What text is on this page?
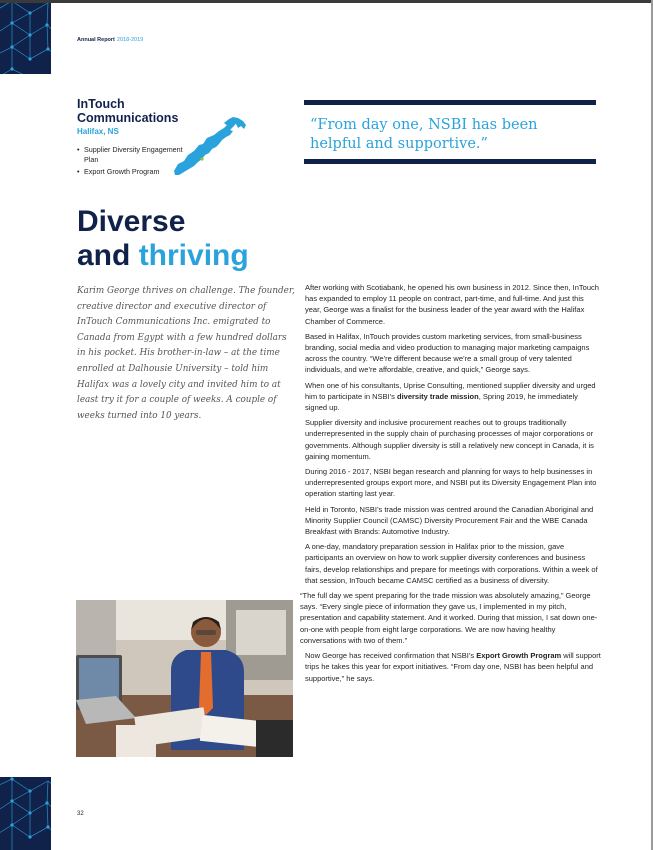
Annual Report 2018-2019
InTouch Communications
Halifax, NS
• Supplier Diversity Engagement Plan
• Export Growth Program

“From day one, NSBI has been helpful and supportive.”

Diverse
and thriving

Karim George thrives on challenge. The founder, creative director and executive director of InTouch Communications Inc. emigrated to Canada from Egypt with a few hundred dollars in his pocket. His brother-in-law – at the time enrolled at Dalhousie University – told him Halifax was a lovely city and invited him to at least try it for a couple of weeks. A couple of weeks turned into 10 years.

After working with Scotiabank, he opened his own business in 2012. Since then, InTouch has expanded to employ 11 people on contract, part-time, and full-time. And just this year, George was a finalist for the business leader of the year award with the Halifax Chamber of Commerce.

Based in Halifax, InTouch provides custom marketing services, from small-business branding, social media and video production to managing major marketing campaigns across the country. “We’re different because we’re a small group of very talented individuals, and we’re affordable, creative, and quick,” George says.

When one of his consultants, Uprise Consulting, mentioned supplier diversity and urged him to participate in NSBI’s diversity trade mission, Spring 2019, he immediately signed up.

Supplier diversity and inclusive procurement reaches out to groups traditionally underrepresented in the supply chain of purchasing processes of major corporations or governments. Although supplier diversity is still a relatively new concept in Canada, it is gaining momentum.

During 2016 - 2017, NSBI began research and planning for ways to help businesses in underrepresented groups export more, and NSBI put its Diversity Engagement Plan into operation starting last year.

Held in Toronto, NSBI’s trade mission was centred around the Canadian Aboriginal and Minority Supplier Council (CAMSC) Diversity Procurement Fair and the WBE Canada Breakfast with Brands: Automotive Industry.

A one-day, mandatory preparation session in Halifax prior to the mission, gave participants an overview on how to work supplier diversity conferences and business fairs, develop relationships and prepare for meetings with corporations. Within a week of that session, InTouch became CAMSC certified as a business of diversity.

“The full day we spent preparing for the trade mission was absolutely amazing,” George says. “Every single piece of information they gave us, I implemented in my pitch, presentation and capability statement. And it worked. During that mission, I sat down one-on-one with people from eight large corporations. We are now having healthy conversations with two of them.”

Now George has received confirmation that NSBI’s Export Growth Program will support trips he takes this year for export initiatives. “From day one, NSBI has been helpful and supportive,” he says.

32
